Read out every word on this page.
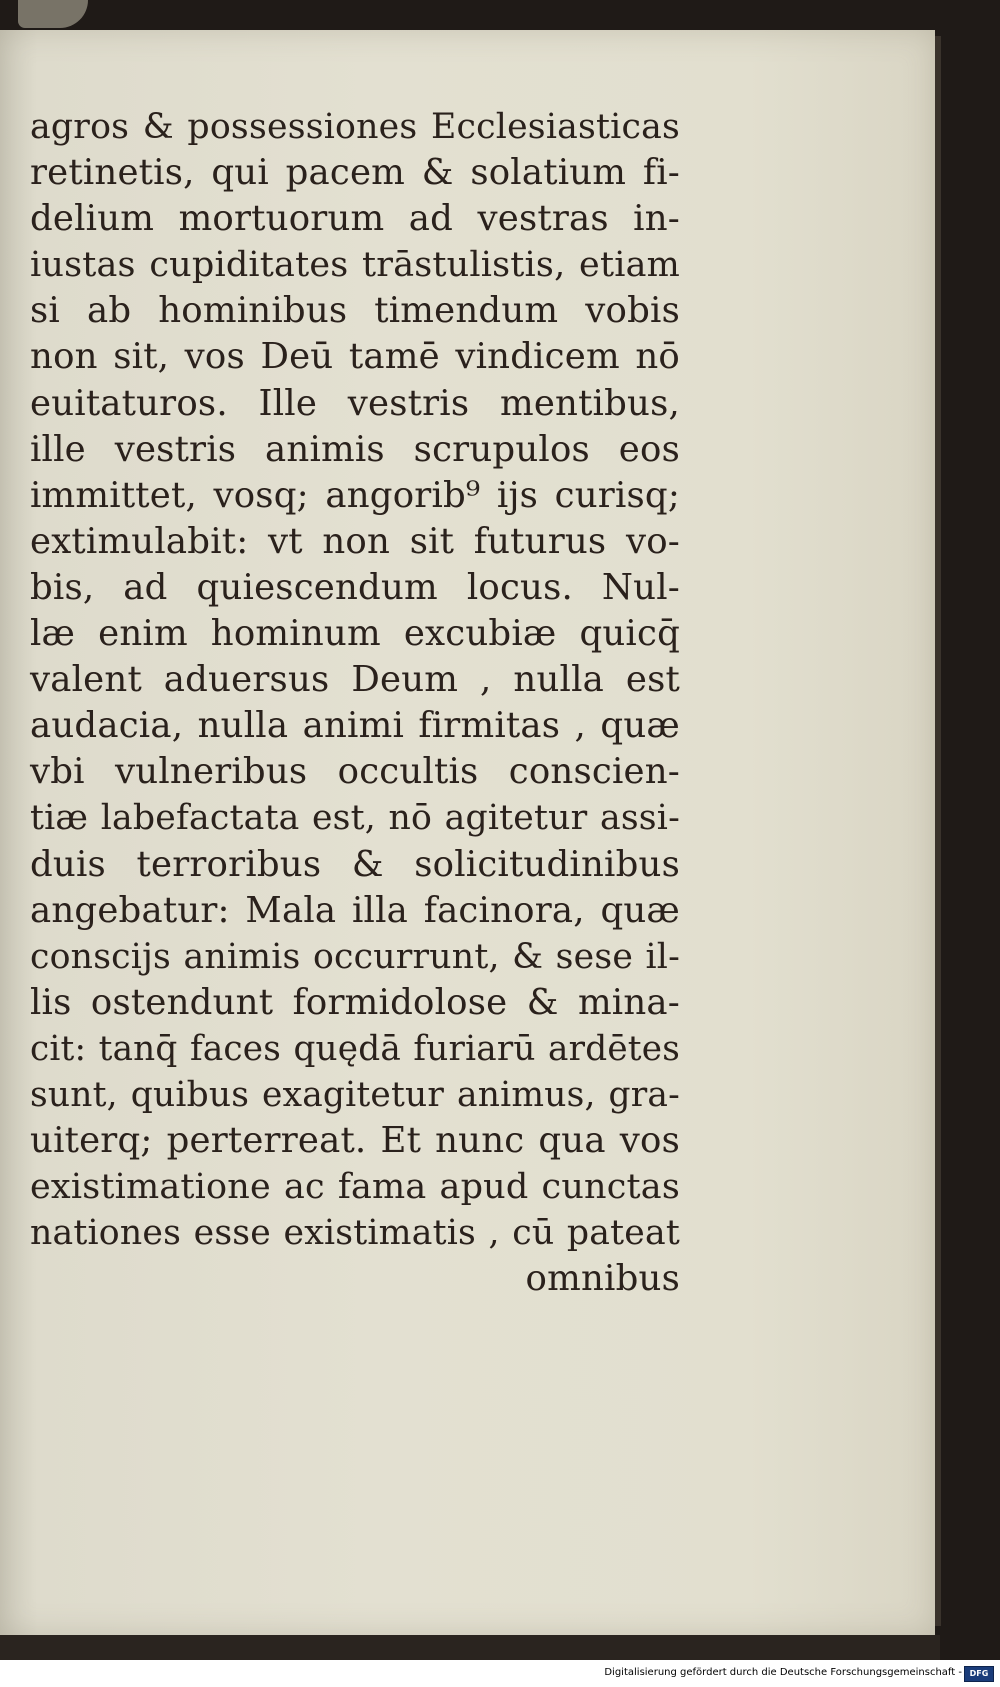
agros & possessiones Ecclesiasticas
retinetis, qui pacem & solatium fi-
delium mortuorum ad vestras in-
iustas cupiditates trāstulistis, etiam
si ab hominibus timendum vobis
non sit, vos Deū tamē vindicem nō
euitaturos. Ille vestris mentibus,
ille vestris animis scrupulos eos
immittet, vosq; angorib⁹ ijs curisq;
extimulabit: vt non sit futurus vo-
bis, ad quiescendum locus. Nul-
læ enim hominum excubiæ quicq̄
valent aduersus Deum , nulla est
audacia, nulla animi firmitas , quæ
vbi vulneribus occultis conscien-
tiæ labefactata est, nō agitetur assi-
duis terroribus & solicitudinibus
angebatur: Mala illa facinora, quæ
conscijs animis occurrunt, & sese il-
lis ostendunt formidolose & mina-
cit: tanq̄ faces quędā furiarū ardētes
sunt, quibus exagitetur animus, gra-
uiterq; perterreat. Et nunc qua vos
existimatione ac fama apud cunctas
nationes esse existimatis , cū pateat
omnibus
Digitalisierung gefördert durch die Deutsche Forschungsgemeinschaft - DFG
